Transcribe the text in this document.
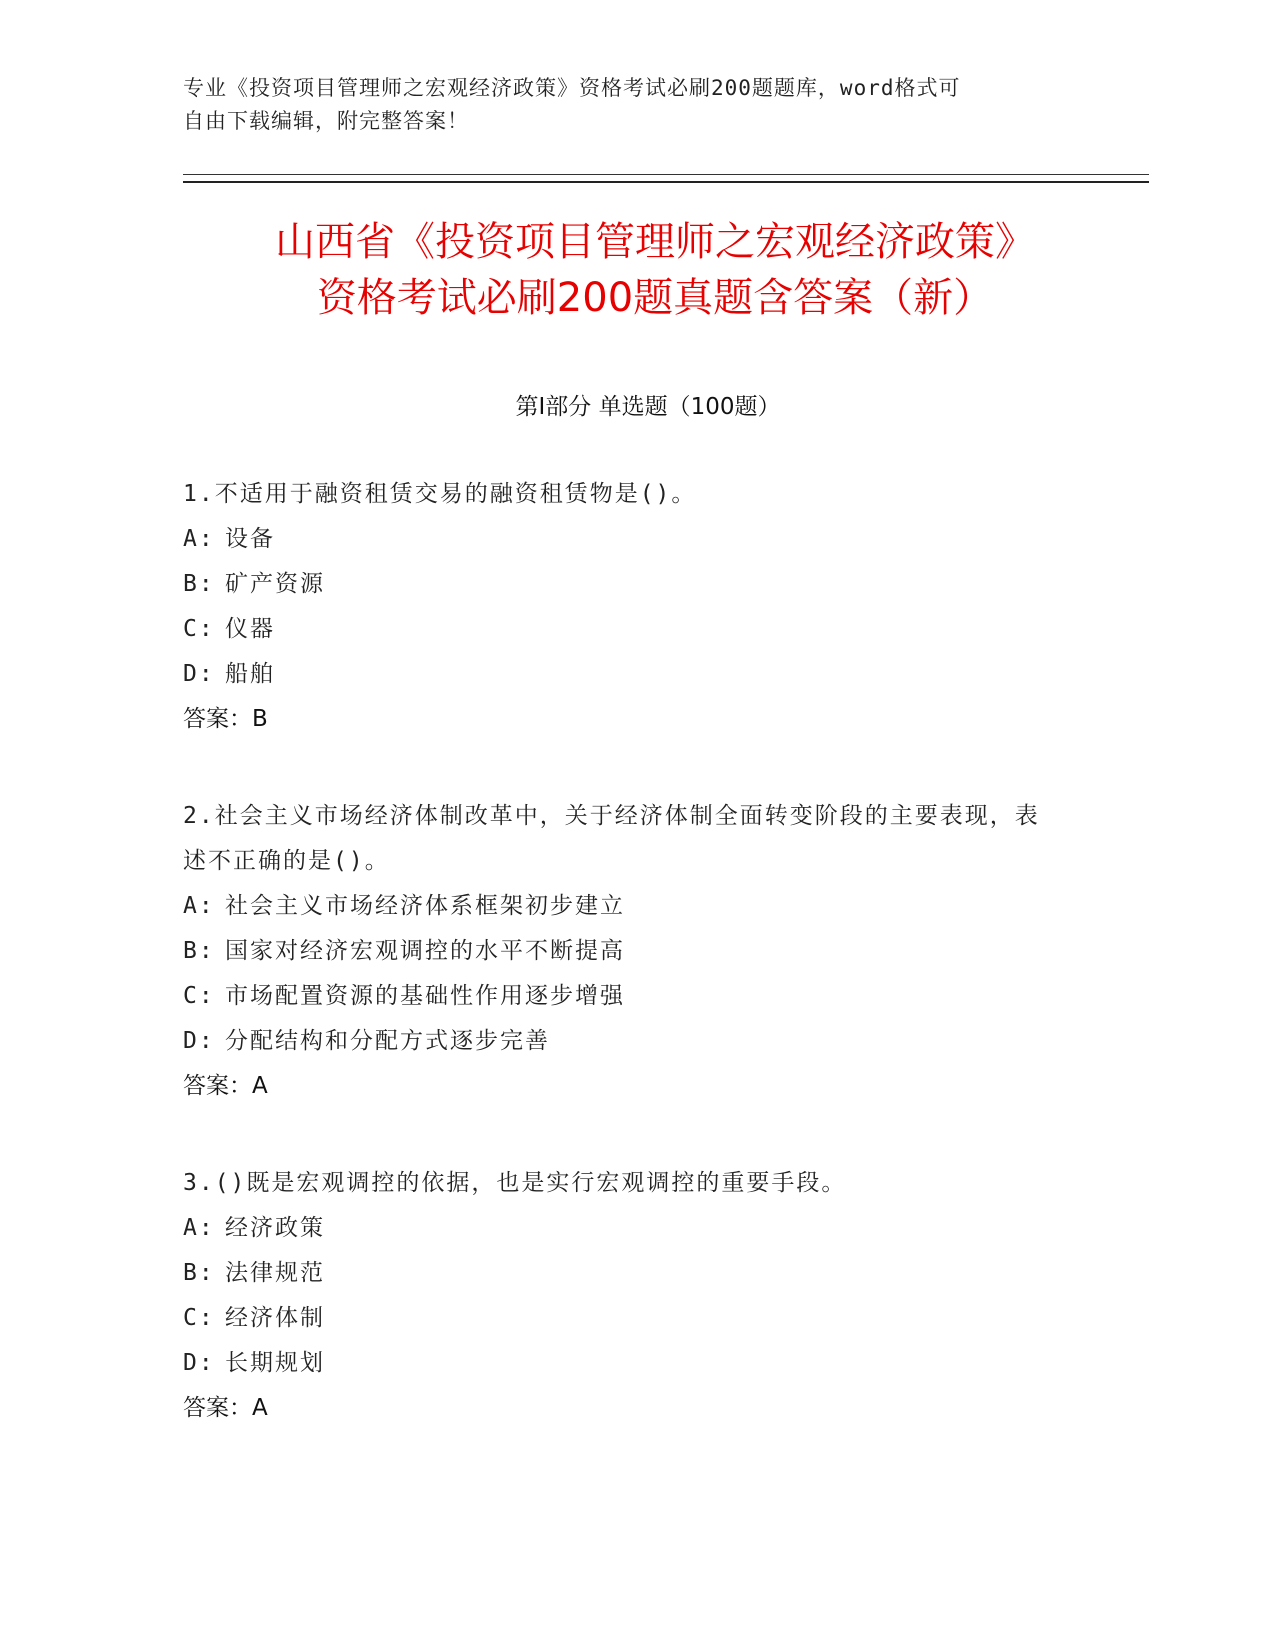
专业《投资项目管理师之宏观经济政策》资格考试必刷200题题库，word格式可
自由下载编辑，附完整答案！
山西省《投资项目管理师之宏观经济政策》
资格考试必刷200题真题含答案（新）
第Ⅰ部分 单选题（100题）
1.不适用于融资租赁交易的融资租赁物是()。
A: 设备
B: 矿产资源
C: 仪器
D: 船舶
答案：B
2.社会主义市场经济体制改革中，关于经济体制全面转变阶段的主要表现，表述不正确的是()。
A: 社会主义市场经济体系框架初步建立
B: 国家对经济宏观调控的水平不断提高
C: 市场配置资源的基础性作用逐步增强
D: 分配结构和分配方式逐步完善
答案：A
3.()既是宏观调控的依据，也是实行宏观调控的重要手段。
A: 经济政策
B: 法律规范
C: 经济体制
D: 长期规划
答案：A
